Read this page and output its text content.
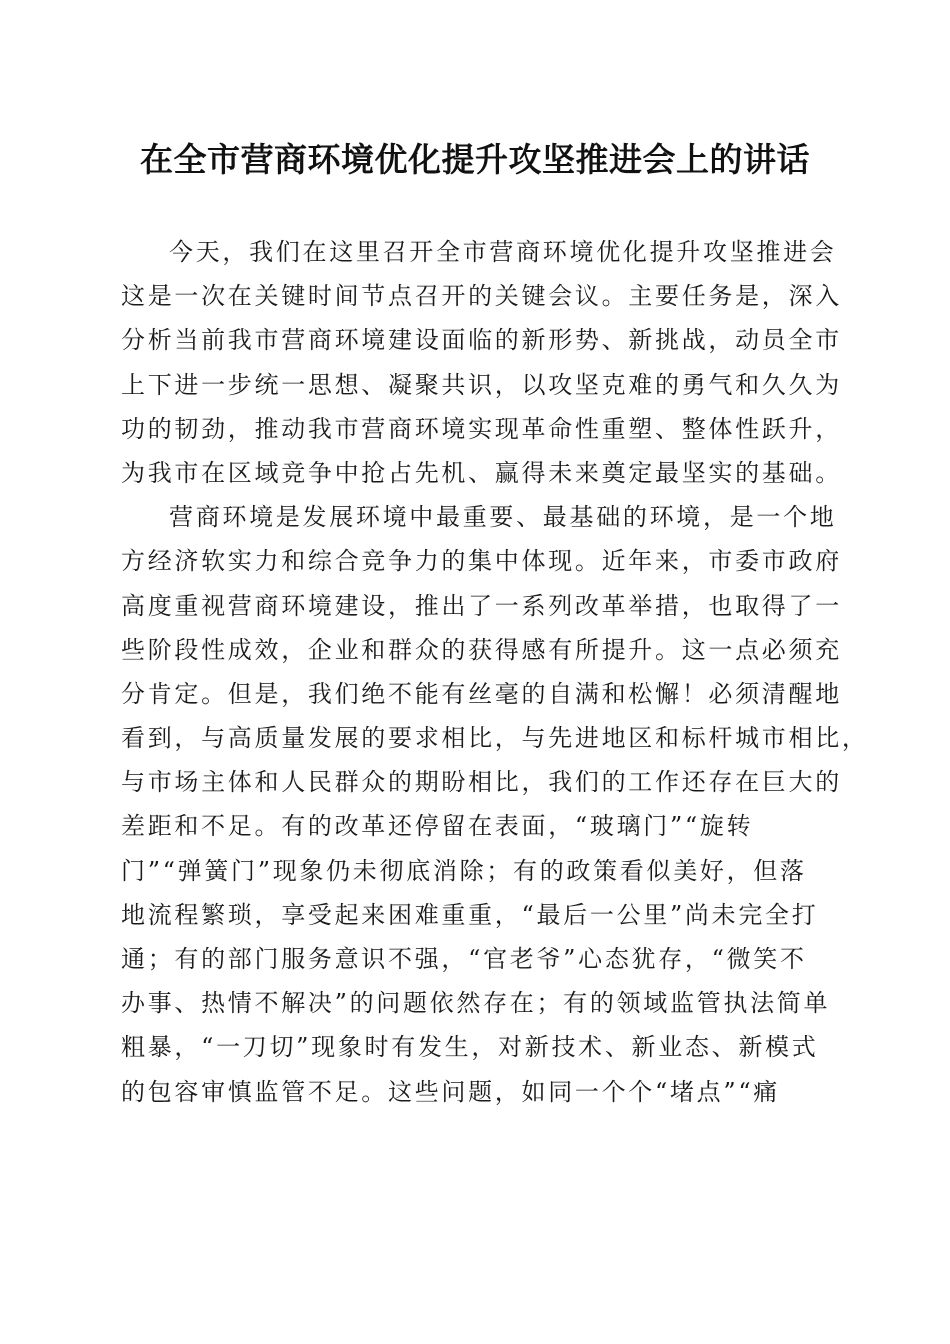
在全市营商环境优化提升攻坚推进会上的讲话
今天，我们在这里召开全市营商环境优化提升攻坚推进会
这是一次在关键时间节点召开的关键会议。主要任务是，深入
分析当前我市营商环境建设面临的新形势、新挑战，动员全市
上下进一步统一思想、凝聚共识，以攻坚克难的勇气和久久为
功的韧劲，推动我市营商环境实现革命性重塑、整体性跃升，
为我市在区域竞争中抢占先机、赢得未来奠定最坚实的基础。
营商环境是发展环境中最重要、最基础的环境，是一个地
方经济软实力和综合竞争力的集中体现。近年来，市委市政府
高度重视营商环境建设，推出了一系列改革举措，也取得了一
些阶段性成效，企业和群众的获得感有所提升。这一点必须充
分肯定。但是，我们绝不能有丝毫的自满和松懈！必须清醒地
看到，与高质量发展的要求相比，与先进地区和标杆城市相比，
与市场主体和人民群众的期盼相比，我们的工作还存在巨大的
差距和不足。有的改革还停留在表面，“玻璃门”“旋转
门”“弹簧门”现象仍未彻底消除；有的政策看似美好，但落
地流程繁琐，享受起来困难重重，“最后一公里”尚未完全打
通；有的部门服务意识不强，“官老爷”心态犹存，“微笑不
办事、热情不解决”的问题依然存在；有的领域监管执法简单
粗暴，“一刀切”现象时有发生，对新技术、新业态、新模式
的包容审慎监管不足。这些问题，如同一个个“堵点”“痛
